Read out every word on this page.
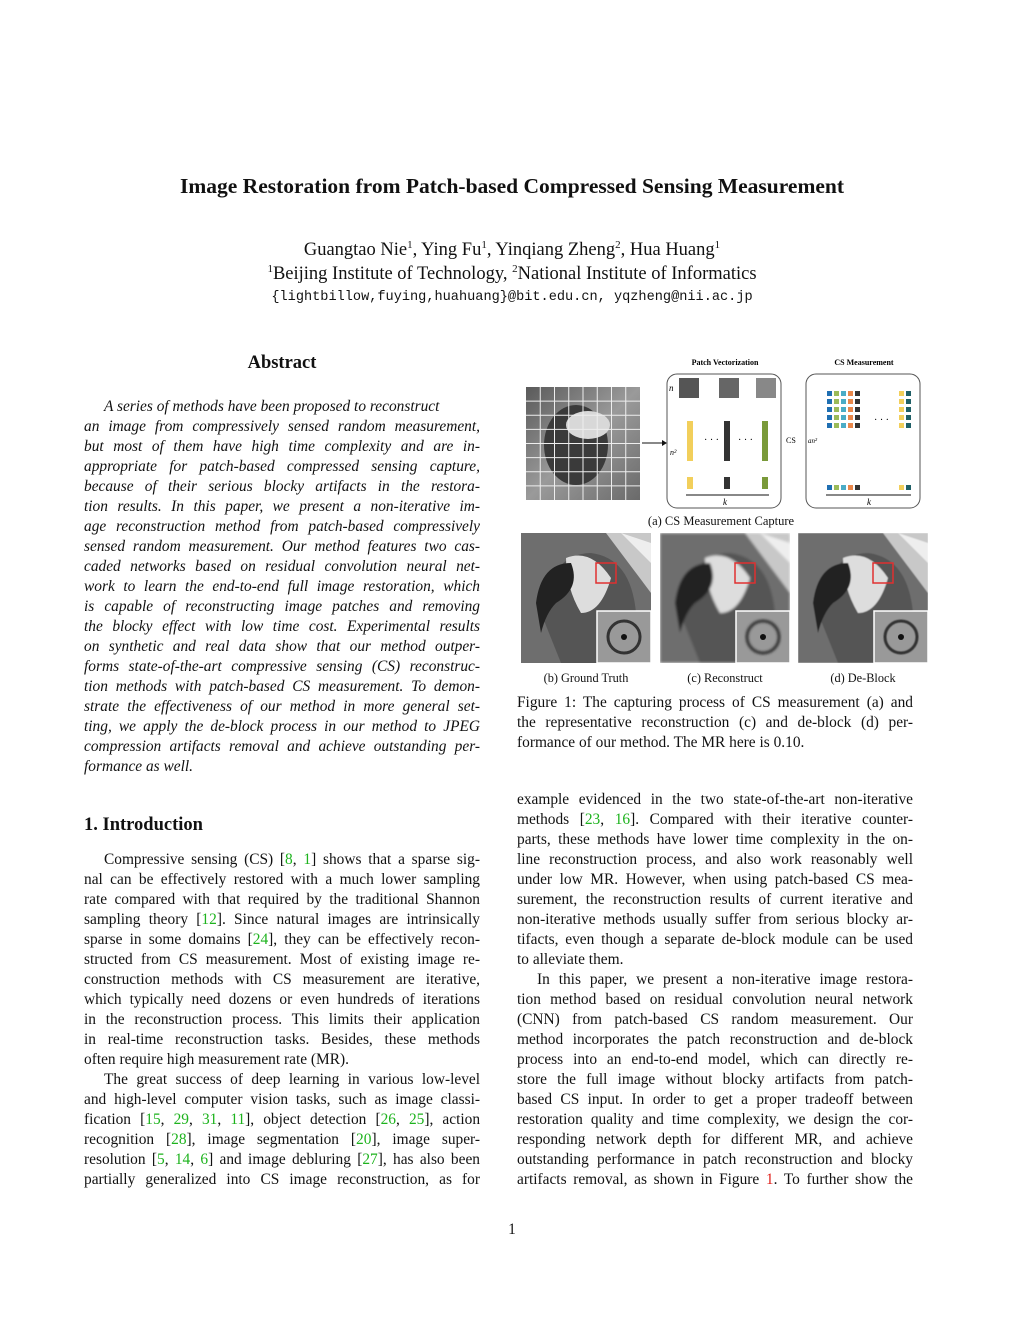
Image Restoration from Patch-based Compressed Sensing Measurement
Guangtao Nie$^1$, Ying Fu$^1$, Yinqiang Zheng$^2$, Hua Huang$^1$
$^1$Beijing Institute of Technology, $^2$National Institute of Informatics
{lightbillow,fuying,huahuang}@bit.edu.cn, yqzheng@nii.ac.jp
Abstract
A series of methods have been proposed to reconstruct
an image from compressively sensed random measurement,
but most of them have high time complexity and are in-
appropriate for patch-based compressed sensing capture,
because of their serious blocky artifacts in the restora-
tion results. In this paper, we present a non-iterative im-
age reconstruction method from patch-based compressively
sensed random measurement. Our method features two cas-
caded networks based on residual convolution neural net-
work to learn the end-to-end full image restoration, which
is capable of reconstructing image patches and removing
the blocky effect with low time cost. Experimental results
on synthetic and real data show that our method outper-
forms state-of-the-art compressive sensing (CS) reconstruc-
tion methods with patch-based CS measurement. To demon-
strate the effectiveness of our method in more general set-
ting, we apply the de-block process in our method to JPEG
compression artifacts removal and achieve outstanding per-
formance as well.
1. Introduction
Compressive sensing (CS) [8, 1] shows that a sparse sig-
nal can be effectively restored with a much lower sampling
rate compared with that required by the traditional Shannon
sampling theory [12]. Since natural images are intrinsically
sparse in some domains [24], they can be effectively recon-
structed from CS measurement. Most of existing image re-
construction methods with CS measurement are iterative,
which typically need dozens or even hundreds of iterations
in the reconstruction process. This limits their application
in real-time reconstruction tasks. Besides, these methods
often require high measurement rate (MR).
The great success of deep learning in various low-level
and high-level computer vision tasks, such as image classi-
fication [15, 29, 31, 11], object detection [26, 25], action
recognition [28], image segmentation [20], image super-
resolution [5, 14, 6] and image debluring [27], has also been
partially generalized into CS image reconstruction, as for
example evidenced in the two state-of-the-art non-iterative
methods [23, 16]. Compared with their iterative counter-
parts, these methods have lower time complexity in the on-
line reconstruction process, and also work reasonably well
under low MR. However, when using patch-based CS mea-
surement, the reconstruction results of current iterative and
non-iterative methods usually suffer from serious blocky ar-
tifacts, even though a separate de-block module can be used
to alleviate them.
In this paper, we present a non-iterative image restora-
tion method based on residual convolution neural network
(CNN) from patch-based CS random measurement. Our
method incorporates the patch reconstruction and de-block
process into an end-to-end model, which can directly re-
store the full image without blocky artifacts from patch-
based CS input. In order to get a proper tradeoff between
restoration quality and time complexity, we design the cor-
responding network depth for different MR, and achieve
outstanding performance in patch reconstruction and blocky
artifacts removal, as shown in Figure 1. To further show the
Patch Vectorization
n
n²
· · · · · ·
k
CS an²
CS Measurement
· · ·
k
(a) CS Measurement Capture
(b) Ground Truth	(c) Reconstruct	(d) De-Block
Figure 1: The capturing process of CS measurement (a) and
the representative reconstruction (c) and de-block (d) per-
formance of our method. The MR here is 0.10.
1
